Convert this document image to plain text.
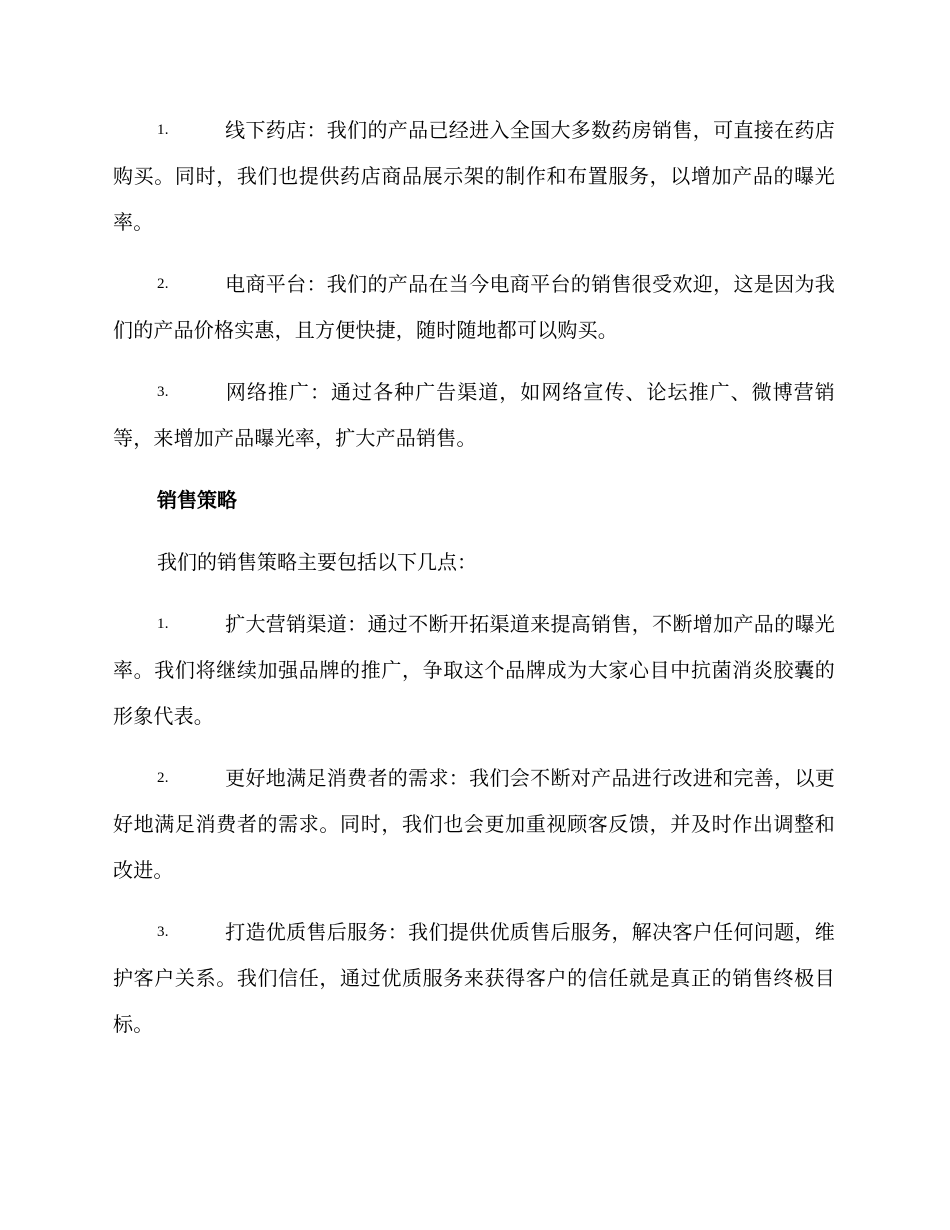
1.	线下药店：我们的产品已经进入全国大多数药房销售，可直接在药店购买。同时，我们也提供药店商品展示架的制作和布置服务，以增加产品的曝光率。

2.	电商平台：我们的产品在当今电商平台的销售很受欢迎，这是因为我们的产品价格实惠，且方便快捷，随时随地都可以购买。

3.	网络推广：通过各种广告渠道，如网络宣传、论坛推广、微博营销等，来增加产品曝光率，扩大产品销售。

销售策略

我们的销售策略主要包括以下几点：

1.	扩大营销渠道：通过不断开拓渠道来提高销售，不断增加产品的曝光率。我们将继续加强品牌的推广，争取这个品牌成为大家心目中抗菌消炎胶囊的形象代表。

2.	更好地满足消费者的需求：我们会不断对产品进行改进和完善，以更好地满足消费者的需求。同时，我们也会更加重视顾客反馈，并及时作出调整和改进。

3.	打造优质售后服务：我们提供优质售后服务，解决客户任何问题，维护客户关系。我们信任，通过优质服务来获得客户的信任就是真正的销售终极目标。
